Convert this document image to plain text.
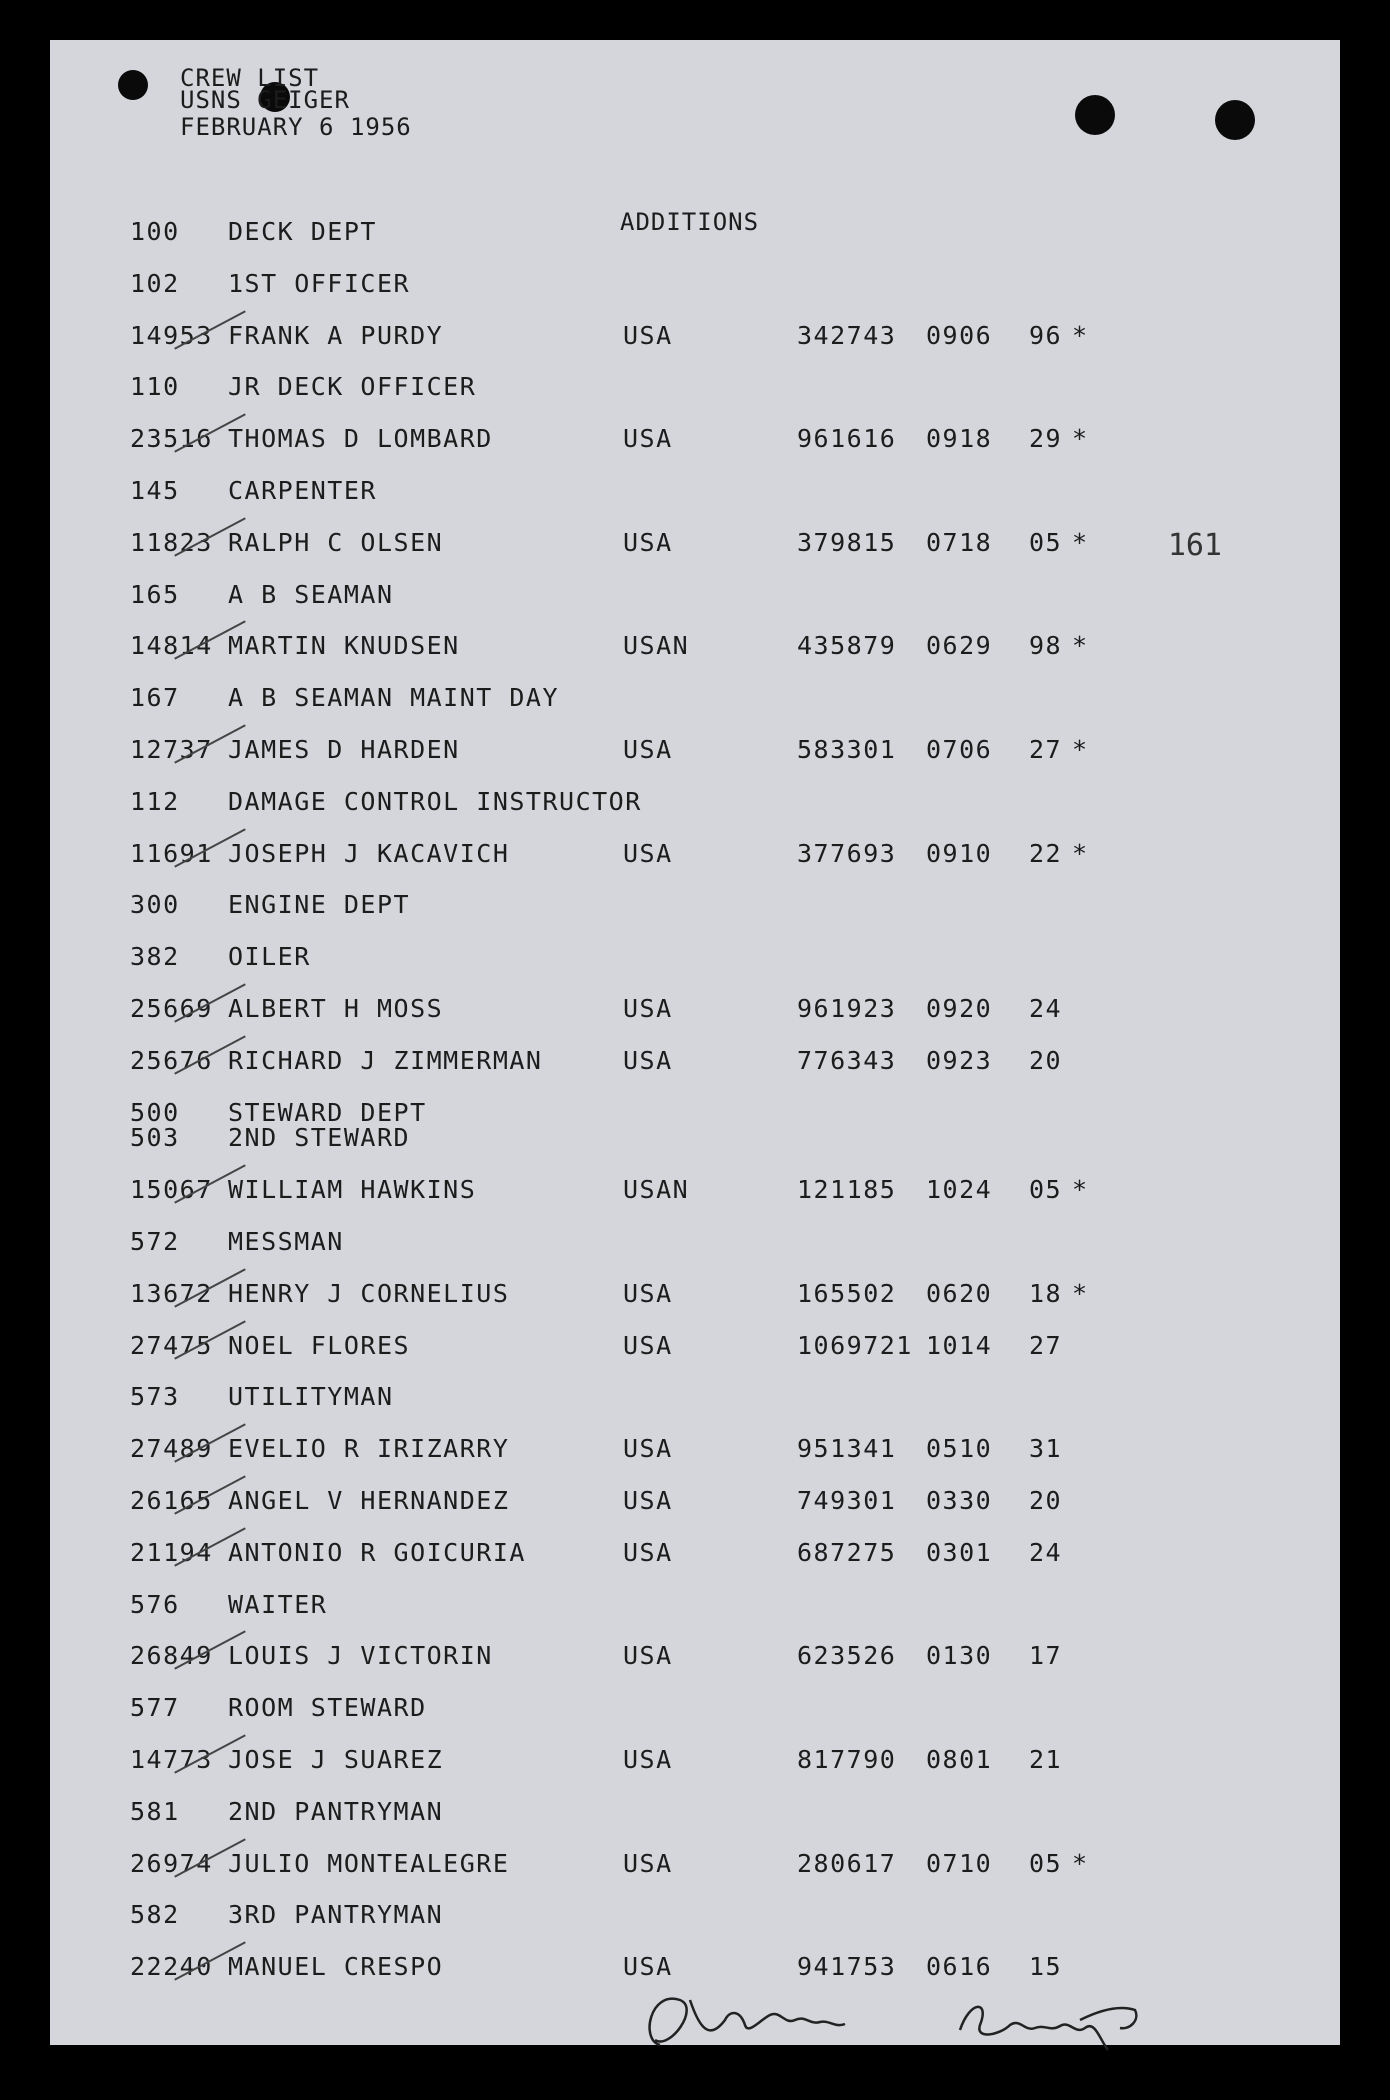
CREW LIST
USNS GEIGER
FEBRUARY 6 1956
161
ADDITIONS
100 DECK DEPT
102 1ST OFFICER
14953 FRANK A PURDY	USA	342743 0906 96 *
110 JR DECK OFFICER
23516 THOMAS D LOMBARD	USA	961616 0918 29 *
145 CARPENTER
11823 RALPH C OLSEN	USA	379815 0718 05 *
165 A B SEAMAN
14814 MARTIN KNUDSEN	USAN	435879 0629 98 *
167 A B SEAMAN MAINT DAY
12737 JAMES D HARDEN	USA	583301 0706 27 *
112 DAMAGE CONTROL INSTRUCTOR
11691 JOSEPH J KACAVICH	USA	377693 0910 22 *
300 ENGINE DEPT
382 OILER
25669 ALBERT H MOSS	USA	961923 0920 24
25676 RICHARD J ZIMMERMAN	USA	776343 0923 20
500 STEWARD DEPT
503 2ND STEWARD
15067 WILLIAM HAWKINS	USAN	121185 1024 05 *
572 MESSMAN
13672 HENRY J CORNELIUS	USA	165502 0620 18 *
27475 NOEL FLORES	USA	1069721 1014 27
573 UTILITYMAN
27489 EVELIO R IRIZARRY	USA	951341 0510 31
26165 ANGEL V HERNANDEZ	USA	749301 0330 20
21194 ANTONIO R GOICURIA	USA	687275 0301 24
576 WAITER
26849 LOUIS J VICTORIN	USA	623526 0130 17
577 ROOM STEWARD
14773 JOSE J SUAREZ	USA	817790 0801 21
581 2ND PANTRYMAN
26974 JULIO MONTEALEGRE	USA	280617 0710 05 *
582 3RD PANTRYMAN
22240 MANUEL CRESPO	USA	941753 0616 15
